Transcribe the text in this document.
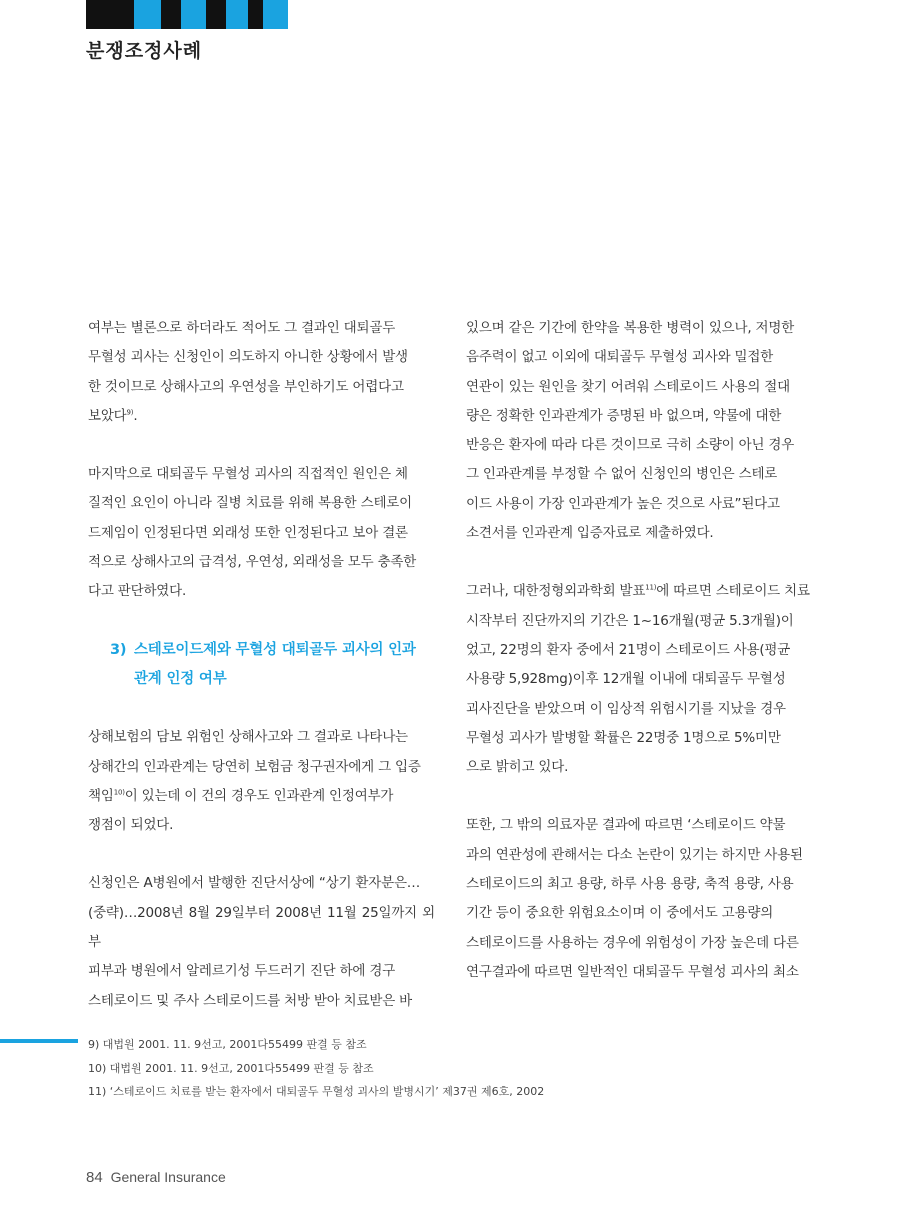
분쟁조정사례

여부는 별론으로 하더라도 적어도 그 결과인 대퇴골두
무혈성 괴사는 신청인이 의도하지 아니한 상황에서 발생
한 것이므로 상해사고의 우연성을 부인하기도 어렵다고
보았다$^{9)}$.

마지막으로 대퇴골두 무혈성 괴사의 직접적인 원인은 체
질적인 요인이 아니라 질병 치료를 위해 복용한 스테로이
드제임이 인정된다면 외래성 또한 인정된다고 보아 결론
적으로 상해사고의 급격성, 우연성, 외래성을 모두 충족한
다고 판단하였다.

3) 스테로이드제와 무혈성 대퇴골두 괴사의 인과
관계 인정 여부

상해보험의 담보 위험인 상해사고와 그 결과로 나타나는
상해간의 인과관계는 당연히 보험금 청구권자에게 그 입증
책임$^{10)}$이 있는데 이 건의 경우도 인과관계 인정여부가
쟁점이 되었다.

신청인은 A병원에서 발행한 진단서상에 “상기 환자분은…
(중략)…2008년 8월 29일부터 2008년 11월 25일까지 외부
피부과 병원에서 알레르기성 두드러기 진단 하에 경구
스테로이드 및 주사 스테로이드를 처방 받아 치료받은 바

있으며 같은 기간에 한약을 복용한 병력이 있으나, 저명한
음주력이 없고 이외에 대퇴골두 무혈성 괴사와 밀접한
연관이 있는 원인을 찾기 어려워 스테로이드 사용의 절대
량은 정확한 인과관계가 증명된 바 없으며, 약물에 대한
반응은 환자에 따라 다른 것이므로 극히 소량이 아닌 경우
그 인과관계를 부정할 수 없어 신청인의 병인은 스테로
이드 사용이 가장 인과관계가 높은 것으로 사료”된다고
소견서를 인과관계 입증자료로 제출하였다.

그러나, 대한정형외과학회 발표$^{11)}$에 따르면 스테로이드 치료
시작부터 진단까지의 기간은 1~16개월(평균 5.3개월)이
었고, 22명의 환자 중에서 21명이 스테로이드 사용(평균
사용량 5,928mg)이후 12개월 이내에 대퇴골두 무혈성
괴사진단을 받았으며 이 임상적 위험시기를 지났을 경우
무혈성 괴사가 발병할 확률은 22명중 1명으로 5%미만
으로 밝히고 있다.

또한, 그 밖의 의료자문 결과에 따르면 ‘스테로이드 약물
과의 연관성에 관해서는 다소 논란이 있기는 하지만 사용된
스테로이드의 최고 용량, 하루 사용 용량, 축적 용량, 사용
기간 등이 중요한 위험요소이며 이 중에서도 고용량의
스테로이드를 사용하는 경우에 위험성이 가장 높은데 다른
연구결과에 따르면 일반적인 대퇴골두 무혈성 괴사의 최소

9) 대법원 2001. 11. 9선고, 2001다55499 판결 등 참조
10) 대법원 2001. 11. 9선고, 2001다55499 판결 등 참조
11) ‘스테로이드 치료를 받는 환자에서 대퇴골두 무혈성 괴사의 발병시기’ 제37권 제6호, 2002
84 General Insurance
